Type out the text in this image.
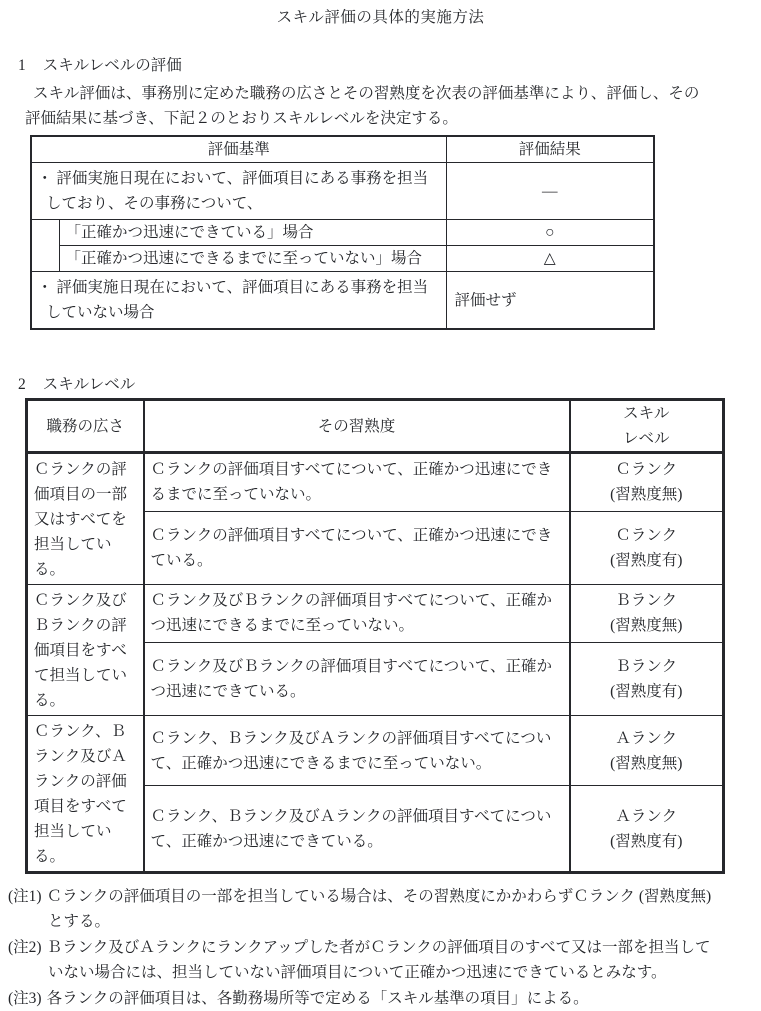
スキル評価の具体的実施方法
1 スキルレベルの評価
スキル評価は、事務別に定めた職務の広さとその習熟度を次表の評価基準により、評価し、その評価結果に基づき、下記２のとおりスキルレベルを決定する。
評価基準		評価結果
・ 評価実施日現在において、評価項目にある事務を担当しており、その事務について、		―
	「正確かつ迅速にできている」場合	○
	「正確かつ迅速にできるまでに至っていない」場合	△
・ 評価実施日現在において、評価項目にある事務を担当していない場合		評価せず
2 スキルレベル
職務の広さ	その習熟度	スキル
レベル

Ｃランクの評価項目の一部又はすべてを担当している。	Ｃランクの評価項目すべてについて、正確かつ迅速にできるまでに至っていない。	Ｃランク
(習熟度無)

	Ｃランクの評価項目すべてについて、正確かつ迅速にできている。	Ｃランク
(習熟度有)

Ｃランク及びＢランクの評価項目をすべて担当している。	Ｃランク及びＢランクの評価項目すべてについて、正確かつ迅速にできるまでに至っていない。	Ｂランク
(習熟度無)

	Ｃランク及びＢランクの評価項目すべてについて、正確かつ迅速にできている。	Ｂランク
(習熟度有)

Ｃランク、Ｂランク及びＡランクの評価項目をすべて担当している。	Ｃランク、Ｂランク及びＡランクの評価項目すべてについて、正確かつ迅速にできるまでに至っていない。	Ａランク
(習熟度無)

	Ｃランク、Ｂランク及びＡランクの評価項目すべてについて、正確かつ迅速にできている。	Ａランク
(習熟度有)
(注1) Ｃランクの評価項目の一部を担当している場合は、その習熟度にかかわらずＣランク (習熟度無)とする。
(注2) Ｂランク及びＡランクにランクアップした者がＣランクの評価項目のすべて又は一部を担当していない場合には、担当していない評価項目について正確かつ迅速にできているとみなす。
(注3) 各ランクの評価項目は、各勤務場所等で定める「スキル基準の項目」による。
